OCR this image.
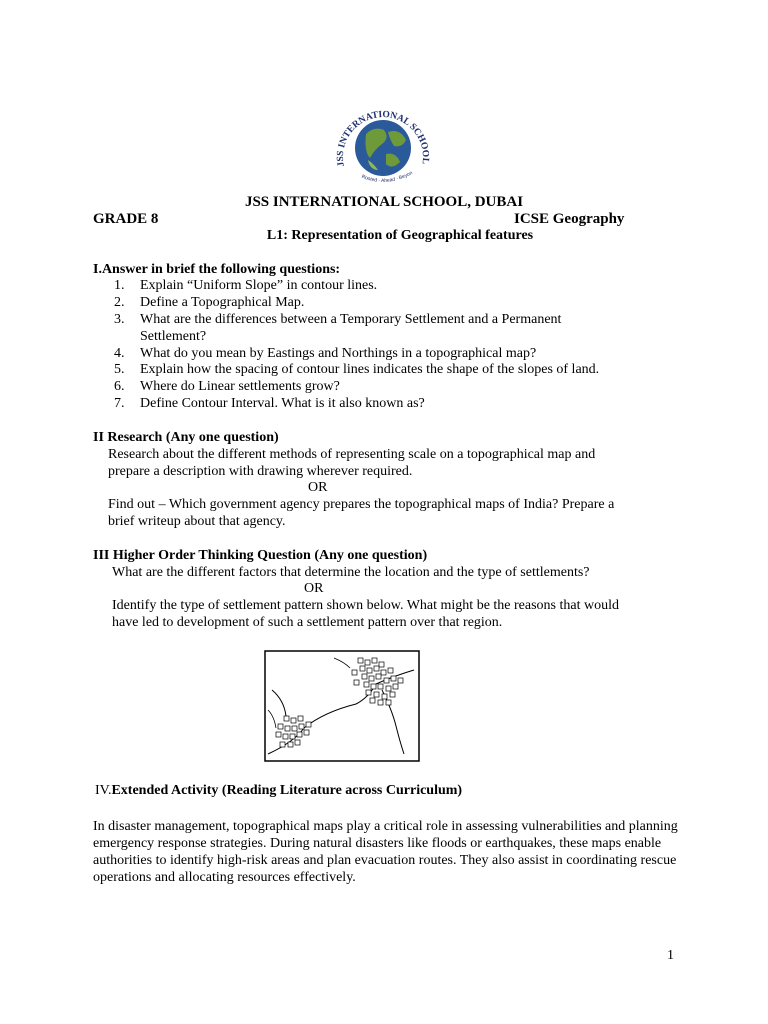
JSS INTERNATIONAL SCHOOL
Rooted · Ahead · Beyon
JSS INTERNATIONAL SCHOOL, DUBAI
GRADE 8	ICSE Geography
L1: Representation of Geographical features
I.Answer in brief the following questions:
1. Explain “Uniform Slope” in contour lines.
2. Define a Topographical Map.
3. What are the differences between a Temporary Settlement and a Permanent
Settlement?
4. What do you mean by Eastings and Northings in a topographical map?
5. Explain how the spacing of contour lines indicates the shape of the slopes of land.
6. Where do Linear settlements grow?
7. Define Contour Interval. What is it also known as?
II Research (Any one question)
Research about the different methods of representing scale on a topographical map and
prepare a description with drawing wherever required.
OR
Find out – Which government agency prepares the topographical maps of India? Prepare a
brief writeup about that agency.
III Higher Order Thinking Question (Any one question)
What are the different factors that determine the location and the type of settlements?
OR
Identify the type of settlement pattern shown below. What might be the reasons that would
have led to development of such a settlement pattern over that region.
IV.Extended Activity (Reading Literature across Curriculum)
In disaster management, topographical maps play a critical role in assessing vulnerabilities and planning emergency response strategies. During natural disasters like floods or earthquakes, these maps enable authorities to identify high-risk areas and plan evacuation routes. They also assist in coordinating rescue operations and allocating resources effectively.
1
